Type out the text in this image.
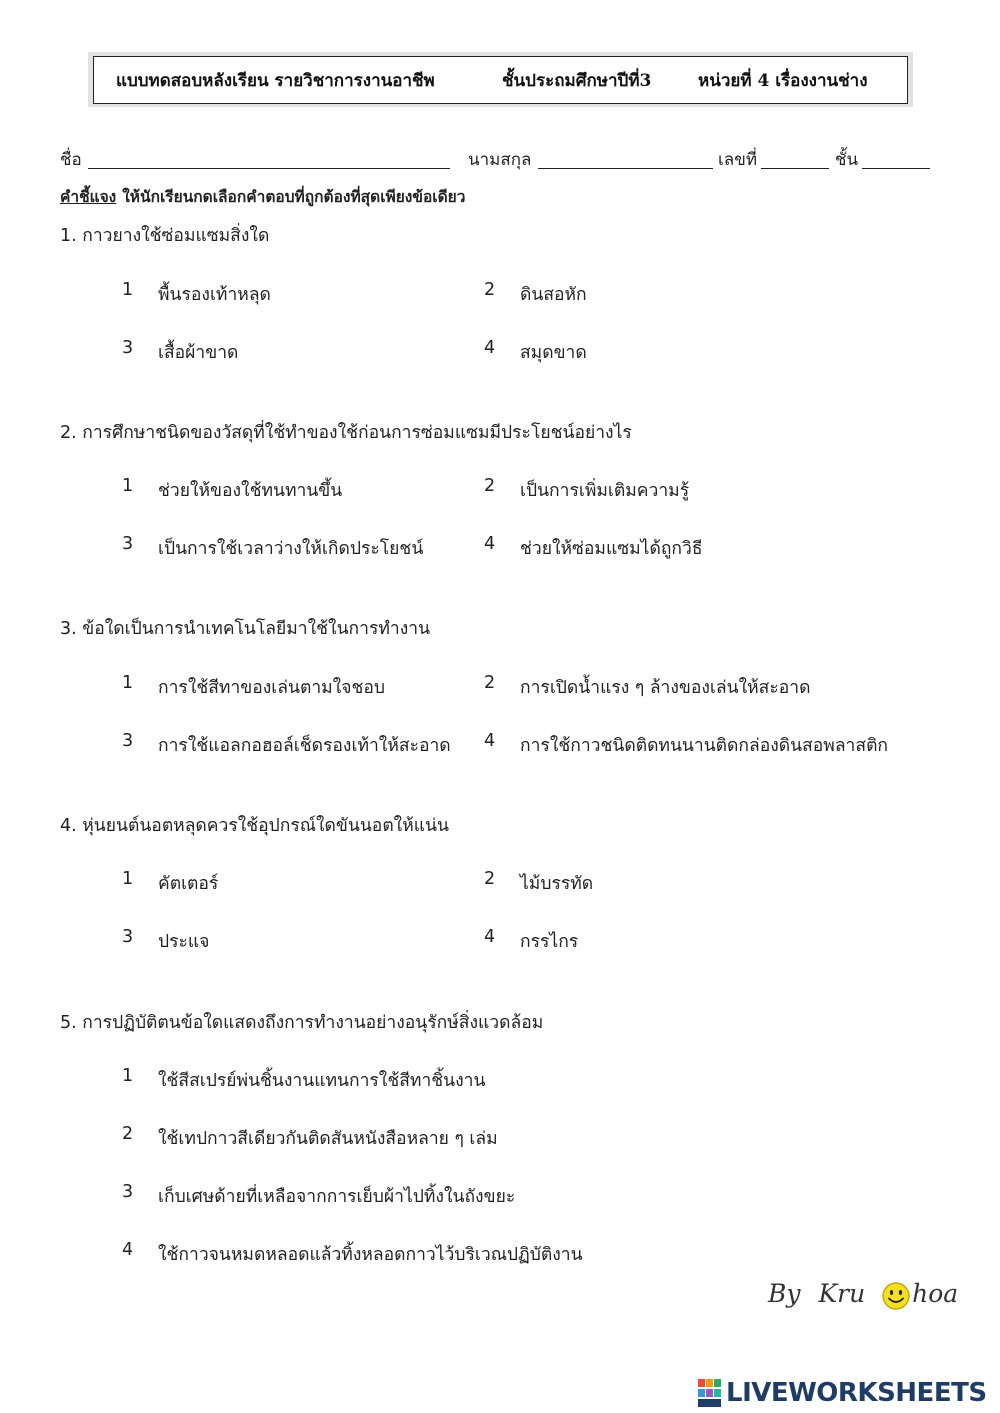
แบบทดสอบหลังเรียน รายวิชาการงานอาชีพ	ชั้นประถมศึกษาปีที่3	หน่วยที่ 4 เรื่องงานช่าง
ชื่อ	นามสกุล	เลขที่	ชั้น
คำชี้แจง ให้นักเรียนกดเลือกคำตอบที่ถูกต้องที่สุดเพียงข้อเดียว
1. กาวยางใช้ซ่อมแซมสิ่งใด
1 พื้นรองเท้าหลุด	2 ดินสอหัก
3 เสื้อผ้าขาด	4 สมุดขาด
2. การศึกษาชนิดของวัสดุที่ใช้ทำของใช้ก่อนการซ่อมแซมมีประโยชน์อย่างไร
1 ช่วยให้ของใช้ทนทานขึ้น	2 เป็นการเพิ่มเติมความรู้
3 เป็นการใช้เวลาว่างให้เกิดประโยชน์	4 ช่วยให้ซ่อมแซมได้ถูกวิธี
3. ข้อใดเป็นการนำเทคโนโลยีมาใช้ในการทำงาน
1 การใช้สีทาของเล่นตามใจชอบ	2 การเปิดน้ำแรง ๆ ล้างของเล่นให้สะอาด
3 การใช้แอลกอฮอล์เช็ดรองเท้าให้สะอาด 4 การใช้กาวชนิดติดทนนานติดกล่องดินสอพลาสติก
4. หุ่นยนต์นอตหลุดควรใช้อุปกรณ์ใดขันนอตให้แน่น
1 คัตเตอร์	2 ไม้บรรทัด
3 ประแจ	4 กรรไกร
5. การปฏิบัติตนข้อใดแสดงถึงการทำงานอย่างอนุรักษ์สิ่งแวดล้อม
1 ใช้สีสเปรย์พ่นชิ้นงานแทนการใช้สีทาชิ้นงาน
2 ใช้เทปกาวสีเดียวกันติดสันหนังสือหลาย ๆ เล่ม
3 เก็บเศษด้ายที่เหลือจากการเย็บผ้าไปทิ้งในถังขยะ
4 ใช้กาวจนหมดหลอดแล้วทิ้งหลอดกาวไว้บริเวณปฏิบัติงาน
By Kru hoa
LIVEWORKSHEETS
